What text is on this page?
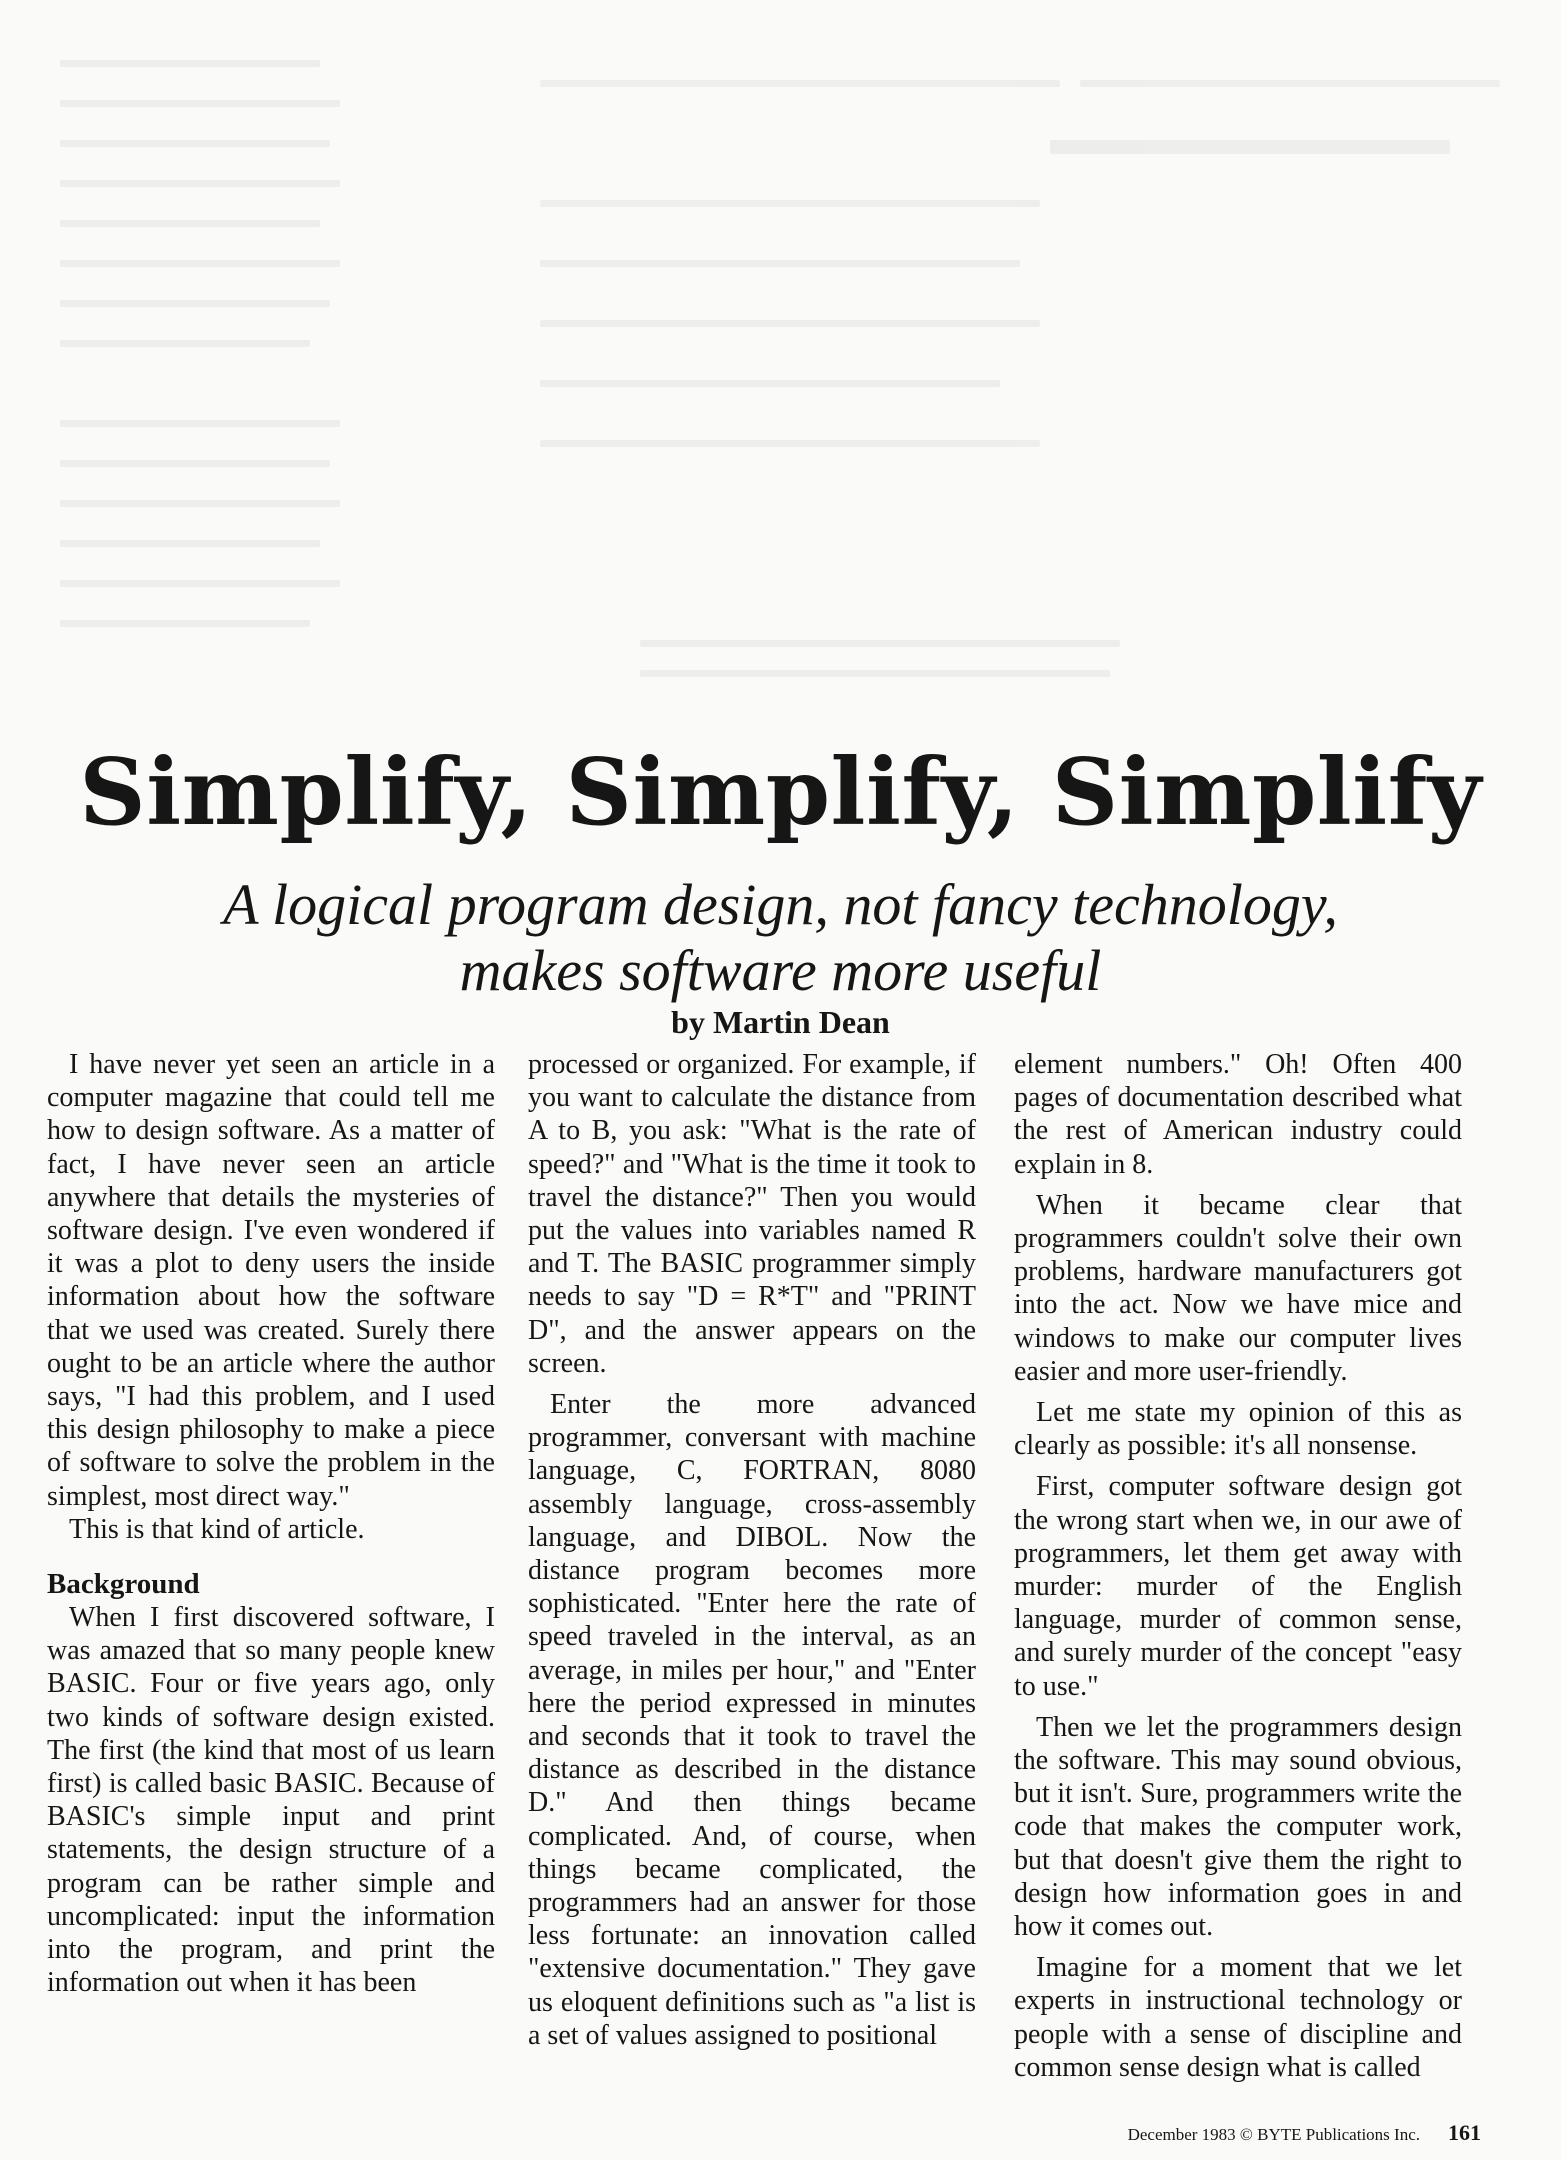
Simplify, Simplify, Simplify
A logical program design, not fancy technology,
makes software more useful
by Martin Dean

I have never yet seen an article in a computer magazine that could tell me how to design software. As a matter of fact, I have never seen an article anywhere that details the mysteries of software design. I've even wondered if it was a plot to deny users the inside information about how the software that we used was created. Surely there ought to be an article where the author says, "I had this problem, and I used this design philosophy to make a piece of software to solve the problem in the simplest, most direct way."

This is that kind of article.

Background

When I first discovered software, I was amazed that so many people knew BASIC. Four or five years ago, only two kinds of software design existed. The first (the kind that most of us learn first) is called basic BASIC. Because of BASIC's simple input and print statements, the design structure of a program can be rather simple and uncomplicated: input the information into the program, and print the information out when it has been

processed or organized. For example, if you want to calculate the distance from A to B, you ask: "What is the rate of speed?" and "What is the time it took to travel the distance?" Then you would put the values into variables named R and T. The BASIC programmer simply needs to say "D = R*T" and "PRINT D", and the answer appears on the screen.

Enter the more advanced programmer, conversant with machine language, C, FORTRAN, 8080 assembly language, cross-assembly language, and DIBOL. Now the distance program becomes more sophisticated. "Enter here the rate of speed traveled in the interval, as an average, in miles per hour," and "Enter here the period expressed in minutes and seconds that it took to travel the distance as described in the distance D." And then things became complicated. And, of course, when things became complicated, the programmers had an answer for those less fortunate: an innovation called "extensive documentation." They gave us eloquent definitions such as "a list is a set of values assigned to positional

element numbers." Oh! Often 400 pages of documentation described what the rest of American industry could explain in 8.

When it became clear that programmers couldn't solve their own problems, hardware manufacturers got into the act. Now we have mice and windows to make our computer lives easier and more user-friendly.

Let me state my opinion of this as clearly as possible: it's all nonsense.

First, computer software design got the wrong start when we, in our awe of programmers, let them get away with murder: murder of the English language, murder of common sense, and surely murder of the concept "easy to use."

Then we let the programmers design the software. This may sound obvious, but it isn't. Sure, programmers write the code that makes the computer work, but that doesn't give them the right to design how information goes in and how it comes out.

Imagine for a moment that we let experts in instructional technology or people with a sense of discipline and common sense design what is called

December 1983 © BYTE Publications Inc. 161
